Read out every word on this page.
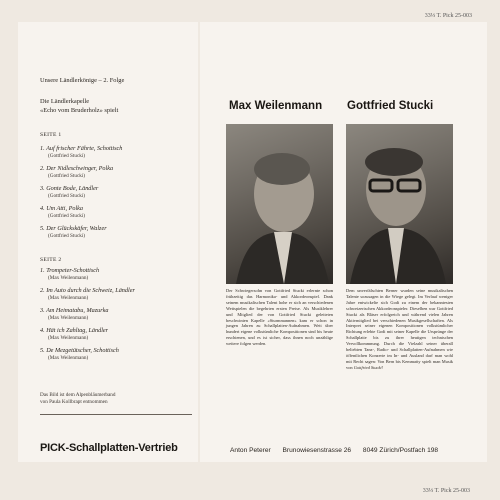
33⅓ T. Pick 25-003
Unsere Ländlerkönige – 2. Folge
Die Ländlerkapelle
«Echo vom Bruderholz» spielt
SEITE 1
1. Auf frischer Fährte, Schottisch
(Gottfried Stucki)
2. Der Nidleschwinger, Polka
(Gottfried Stucki)
3. Gonte Bode, Ländler
(Gottfried Stucki)
4. Um Atti, Polka
(Gottfried Stucki)
5. Der Glückskäfer, Walzer
(Gottfried Stucki)
SEITE 2
1. Trompeter-Schottisch
(Max Weilenmann)
2. Im Auto durch die Schweiz, Ländler
(Max Weilenmann)
3. Am Heimatabu, Mazurka
(Max Weilenmann)
4. Hät ich Zahltag, Ländler
(Max Weilenmann)
5. De Mezgetütscher, Schottisch
(Max Weilenmann)
Das Bild ist dem Alpenbläumerband
von Paula Kollbrapt entnommen
PICK-Schallplatten-Vertrieb
Max Weilenmann Gottfried Stucki
Der Schwiegersohn von Gottfried Stucki erlernte schon frühzeitig das Harmonika- und Akkordeonspiel. Dank seinem musikalischen Talent hohe er sich an verschiedenen Wettspielen die begehrten ersten Preise. Als Musiklehrer und Mitglied der von Gottfried Stucki geleiteten beschwinten Kapelle «Sturmmannen» kam er schon in jungen Jahren zu Schallplatten-Aufnahmen. Weit über hundert eigene volkstümliche Kompositionen sind bis heute erschienen, und es ist sicher, dass ihnen noch unzählige weitere folgen werden.
Dem unverfälschten Berner wurden seine musikalischen Talente sozusagen in die Wiege gelegt. Im Verlauf weniger Jahre entwickelte sich Godi zu einem der bekanntesten schweizerischen Akkordeonspieler. Dieselben war Gottfried Stucki als Bläser erfolgreich und während vielen Jahren Aktivmitglied bei verschiedenen Musikgesellschaften. Als Interpret seiner eigenen Kompositionen volkstümlicher Richtung erlebte Godi mit seiner Kapelle die Ursprünge der Schallplatte bis zu ihrer heutigen technischen Vervollkommnung. Durch die Vielzahl seiner überall beliebten Tanz-, Radio- und Schallplatten-Aufnahmen wie öffentlichen Konzerte im In- und Ausland darf man wohl mit Recht sagen: Von Bern bis Kemmatty spielt man Musik von Gottfried Stucki!
Anton Peterer Brunowiesenstrasse 26 8049 Zürich/Postfach 198
33⅓ T. Pick 25-003
